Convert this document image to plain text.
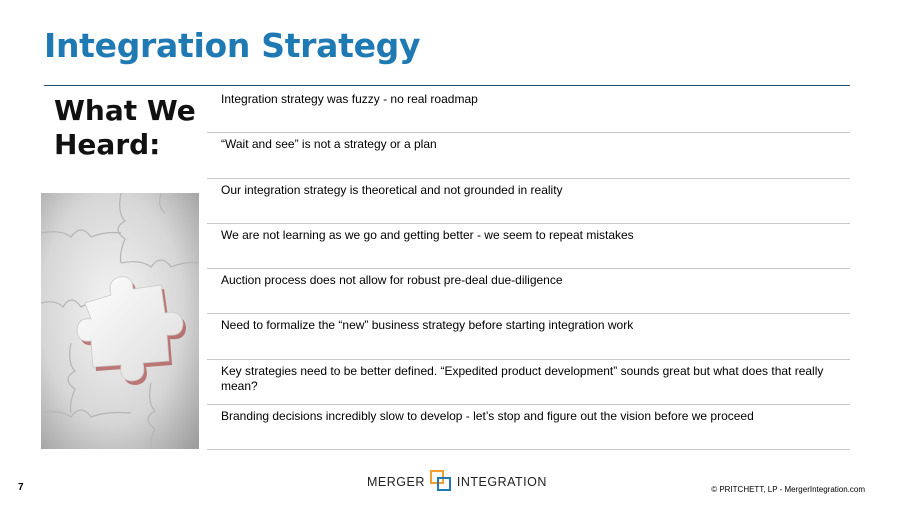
Integration Strategy
What We
Heard:
Integration strategy was fuzzy - no real roadmap
“Wait and see” is not a strategy or a plan
Our integration strategy is theoretical and not grounded in reality
We are not learning as we go and getting better - we seem to repeat mistakes
Auction process does not allow for robust pre-deal due-diligence
Need to formalize the “new” business strategy before starting integration work
Key strategies need to be better defined. “Expedited product development” sounds great but what does that really mean?
Branding decisions incredibly slow to develop - let’s stop and figure out the vision before we proceed
7	MERGER	INTEGRATION
© PRITCHETT, LP - MergerIntegration.com
